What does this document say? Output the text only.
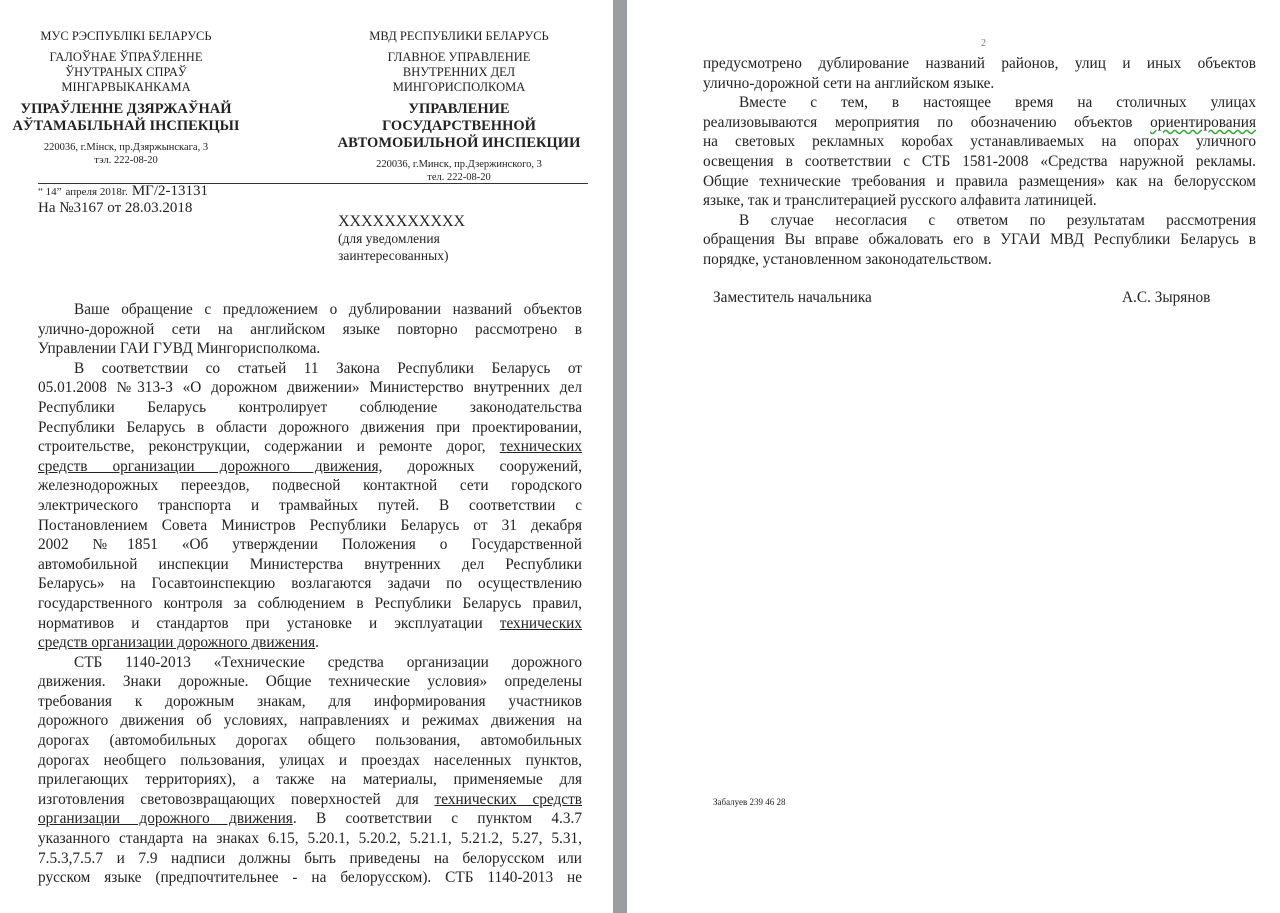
МУС РЭСПУБЛІКІ БЕЛАРУСЬ
ГАЛОЎНАЕ ЎПРАЎЛЕННЕ
ЎНУТРАНЫХ СПРАЎ
МІНГАРВЫКАНКАМА
УПРАЎЛЕННЕ ДЗЯРЖАЎНАЙ
АЎТАМАБІЛЬНАЙ ІНСПЕКЦЫІ
220036, г.Мінск, пр.Дзяржынскага, 3
тэл. 222-08-20
МВД РЕСПУБЛИКИ БЕЛАРУСЬ
ГЛАВНОЕ УПРАВЛЕНИЕ
ВНУТРЕННИХ ДЕЛ
МИНГОРИСПОЛКОМА
УПРАВЛЕНИЕ ГОСУДАРСТВЕННОЙ
АВТОМОБИЛЬНОЙ ИНСПЕКЦИИ
220036, г.Минск, пр.Дзержинского, 3
тел. 222-08-20
“ 14” апреля 2018г. МГ/2-13131
На №3167 от 28.03.2018
XXXXXXXXXXX
(для уведомления
заинтересованных)
Ваше обращение с предложением о дублировании названий объектов
улично-дорожной сети на английском языке повторно рассмотрено в
Управлении ГАИ ГУВД Мингорисполкома.
В соответствии со статьей 11 Закона Республики Беларусь от
05.01.2008 №313-З «О дорожном движении» Министерство внутренних дел
Республики Беларусь контролирует соблюдение законодательства
Республики Беларусь в области дорожного движения при проектировании,
строительстве, реконструкции, содержании и ремонте дорог, технических
средств организации дорожного движения, дорожных сооружений,
железнодорожных переездов, подвесной контактной сети городского
электрического транспорта и трамвайных путей. В соответствии с
Постановлением Совета Министров Республики Беларусь от 31 декабря
2002 №1851 «Об утверждении Положения о Государственной
автомобильной инспекции Министерства внутренних дел Республики
Беларусь» на Госавтоинспекцию возлагаются задачи по осуществлению
государственного контроля за соблюдением в Республики Беларусь правил,
нормативов и стандартов при установке и эксплуатации технических
средств организации дорожного движения.
СТБ 1140-2013 «Технические средства организации дорожного
движения. Знаки дорожные. Общие технические условия» определены
требования к дорожным знакам, для информирования участников
дорожного движения об условиях, направлениях и режимах движения на
дорогах (автомобильных дорогах общего пользования, автомобильных
дорогах необщего пользования, улицах и проездах населенных пунктов,
прилегающих территориях), а также на материалы, применяемые для
изготовления световозвращающих поверхностей для технических средств
организации дорожного движения. В соответствии с пунктом 4.3.7
указанного стандарта на знаках 6.15, 5.20.1, 5.20.2, 5.21.1, 5.21.2, 5.27, 5.31,
7.5.3,7.5.7 и 7.9 надписи должны быть приведены на белорусском или
русском языке (предпочтительнее - на белорусском). СТБ 1140-2013 не
2
предусмотрено дублирование названий районов, улиц и иных объектов
улично-дорожной сети на английском языке.
Вместе с тем, в настоящее время на столичных улицах
реализовываются мероприятия по обозначению объектов ориентирования
на световых рекламных коробах устанавливаемых на опорах уличного
освещения в соответствии с СТБ 1581-2008 «Средства наружной рекламы.
Общие технические требования и правила размещения» как на белорусском
языке, так и транслитерацией русского алфавита латиницей.
В случае несогласия с ответом по результатам рассмотрения
обращения Вы вправе обжаловать его в УГАИ МВД Республики Беларусь в
порядке, установленном законодательством.
Заместитель начальника	А.С. Зырянов
Забалуев 239 46 28
